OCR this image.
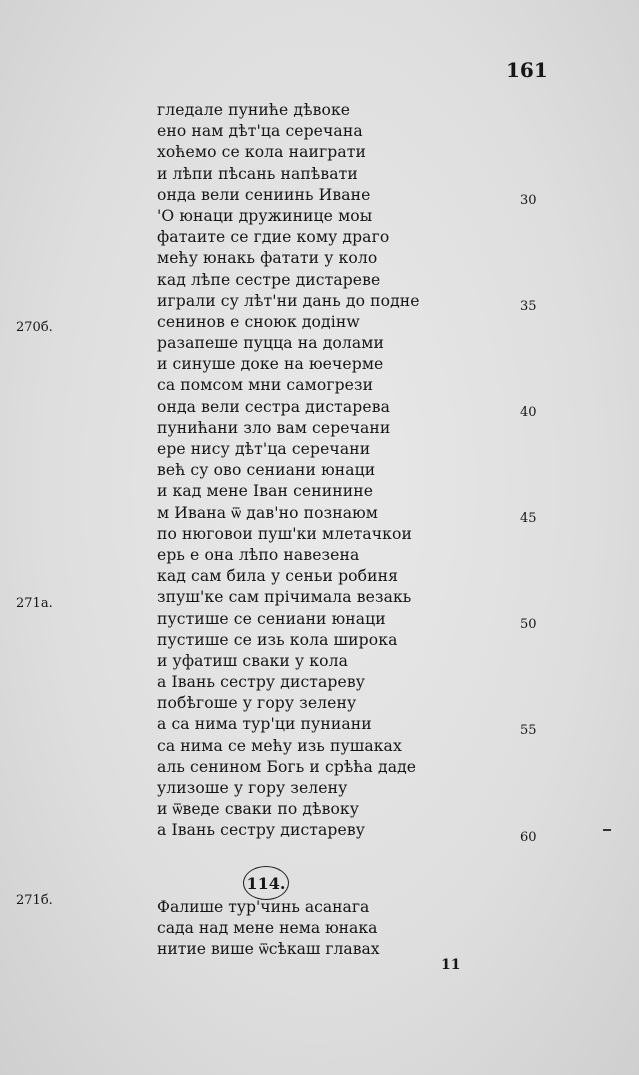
161
30
35
40
45
50
55
60
270б.
271а.
271б.
гледале пуниће дѣвоке
ено нам дѣт'ца серечана
хоћемо се кола наиграти
и лѣпи пѣсань напѣвати
онда вели сениинь Иване
'О юнаци дружинице моы
фатаите се гдие кому драго
мећу юнакь фатати у коло
кад лѣпе сестре дистареве
играли су лѣт'ни дань до поднe
сенинов е сноюк додінw
разапеше пуцца на долами
и синуше доке на юечерме
са помсом мни самогрези
онда вели сестра дистарева
пунићани зло вам серечани
ере нису дѣт'ца серечани
већ су ово сениани юнаци
и кад мене Іван сенинине
м Ивана ѿ дав'но познаюм
по нюговои пуш'ки млетачкои
ерь е она лѣпо навезена
кад сам била у сеньи робиня
зпуш'ке сам прічимала везакь
пустише се сениани юнаци
пустише се изь кола широка
и уфатиш сваки у кола
а Івань сестру дистареву
побѣгоше у гору зелену
а са нима тур'ци пуниани
са нима се мећу изь пушаках
аль сенином Богь и срѣћа даде
улизоше у гору зелену
и ѿведе сваки по дѣвоку
а Івань сестру дистареву
114.
Фалише тур'чинь асанага
сада над мене нема юнака
нитие више ѿсѣкаш главах
11
